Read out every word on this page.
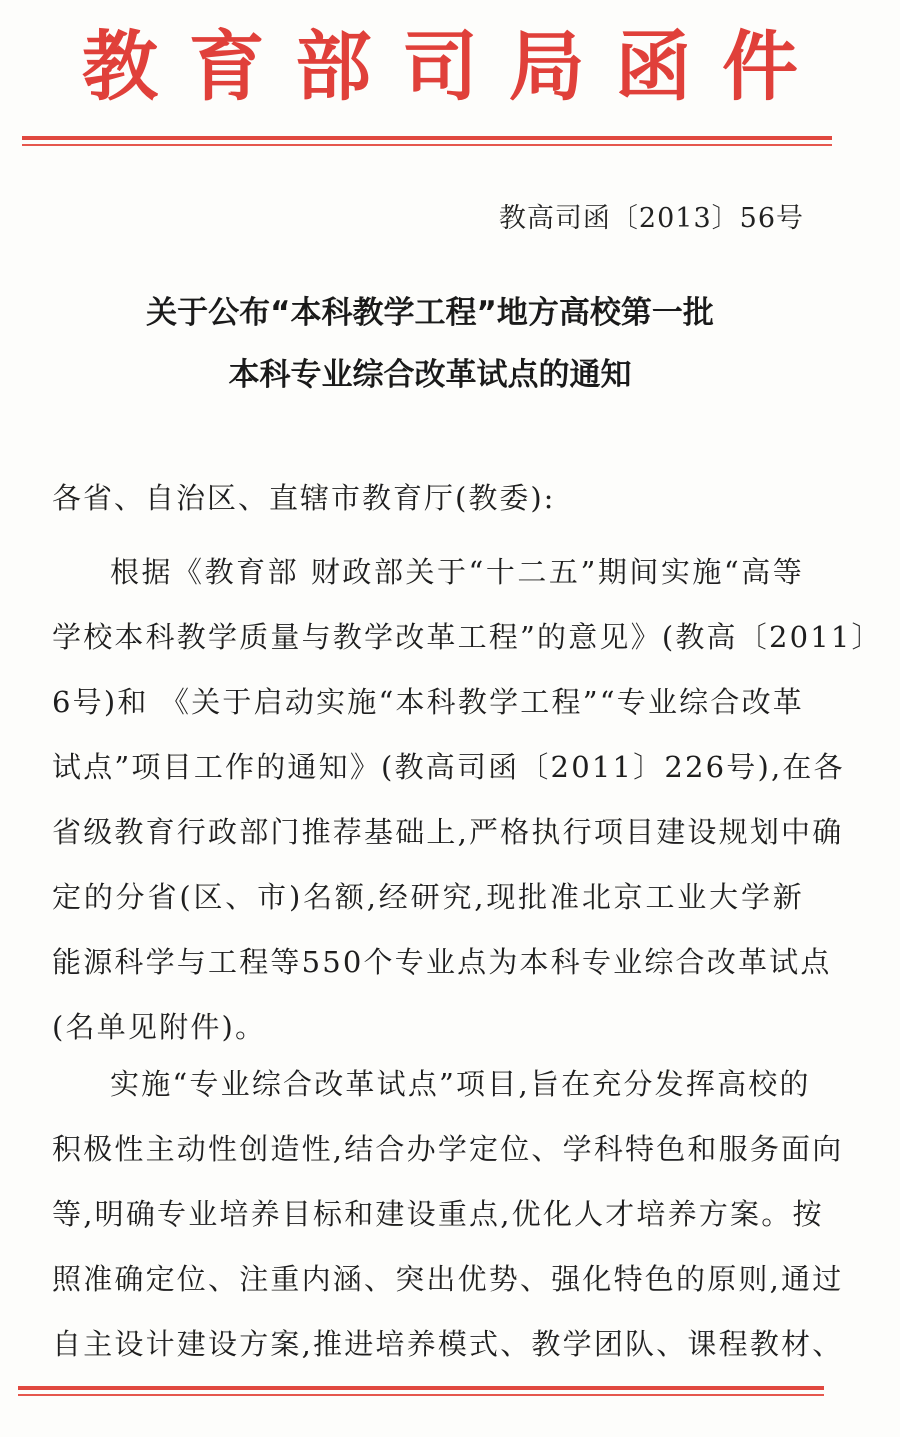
教 育 部 司 局 函 件
教高司函〔2013〕56号
关于公布“本科教学工程”地方高校第一批
本科专业综合改革试点的通知
各省、自治区、直辖市教育厅(教委):
根据《教育部 财政部关于“十二五”期间实施“高等
学校本科教学质量与教学改革工程”的意见》(教高〔2011〕
6号)和 《关于启动实施“本科教学工程”“专业综合改革
试点”项目工作的通知》(教高司函〔2011〕226号),在各
省级教育行政部门推荐基础上,严格执行项目建设规划中确
定的分省(区、市)名额,经研究,现批准北京工业大学新
能源科学与工程等550个专业点为本科专业综合改革试点
(名单见附件)。
实施“专业综合改革试点”项目,旨在充分发挥高校的
积极性主动性创造性,结合办学定位、学科特色和服务面向
等,明确专业培养目标和建设重点,优化人才培养方案。按
照准确定位、注重内涵、突出优势、强化特色的原则,通过
自主设计建设方案,推进培养模式、教学团队、课程教材、
